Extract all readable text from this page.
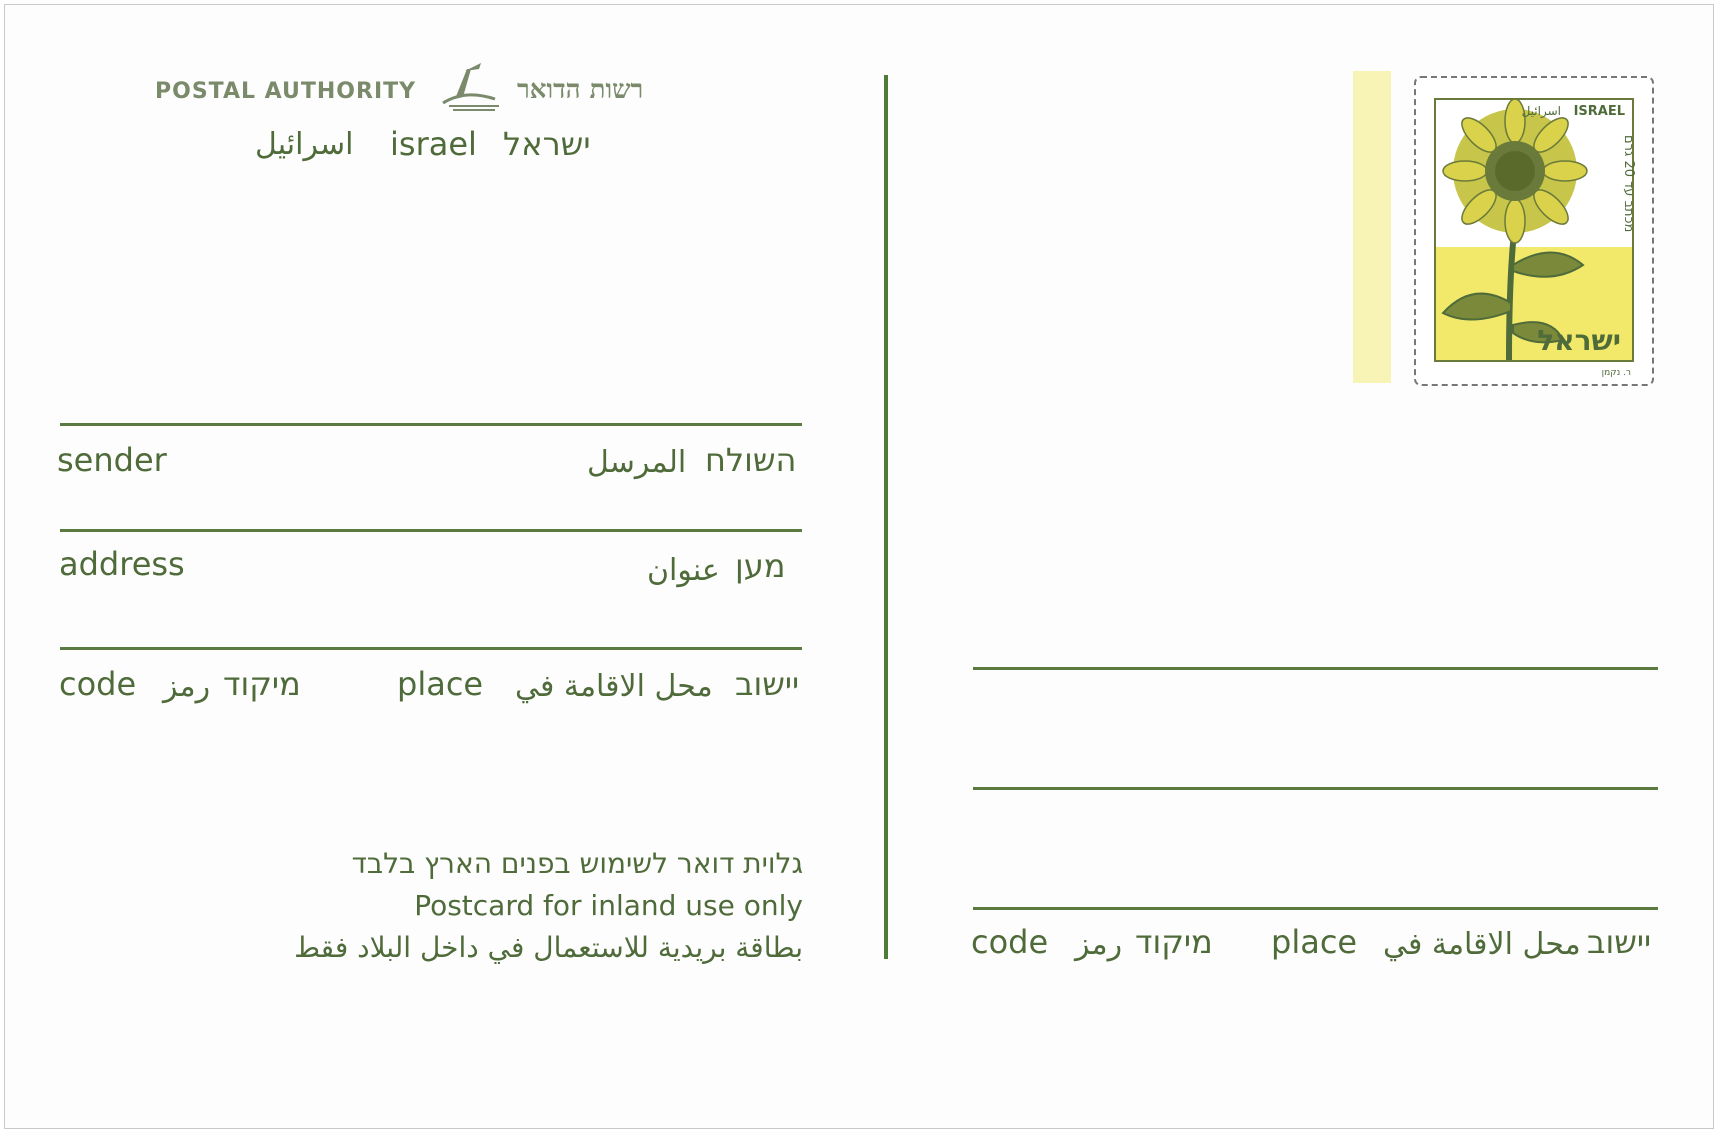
POSTAL AUTHORITY	רשות הדואר
اسرائيل israel ישראל
sender	المرسل השולח
address	عنوان מען
code رمز מיקוד	place محل الاقامة في יישוב
גלוית דואר לשימוש בפנים הארץ בלבד
Postcard for inland use only
بطاقة بريدية للاستعمال في داخل البلاد فقط
ISRAEL
اسرائيل
ישראל
מכתב עד 20 גרם
ר. נקמן
code رمز מיקוד place محل الاقامة في יישוב
